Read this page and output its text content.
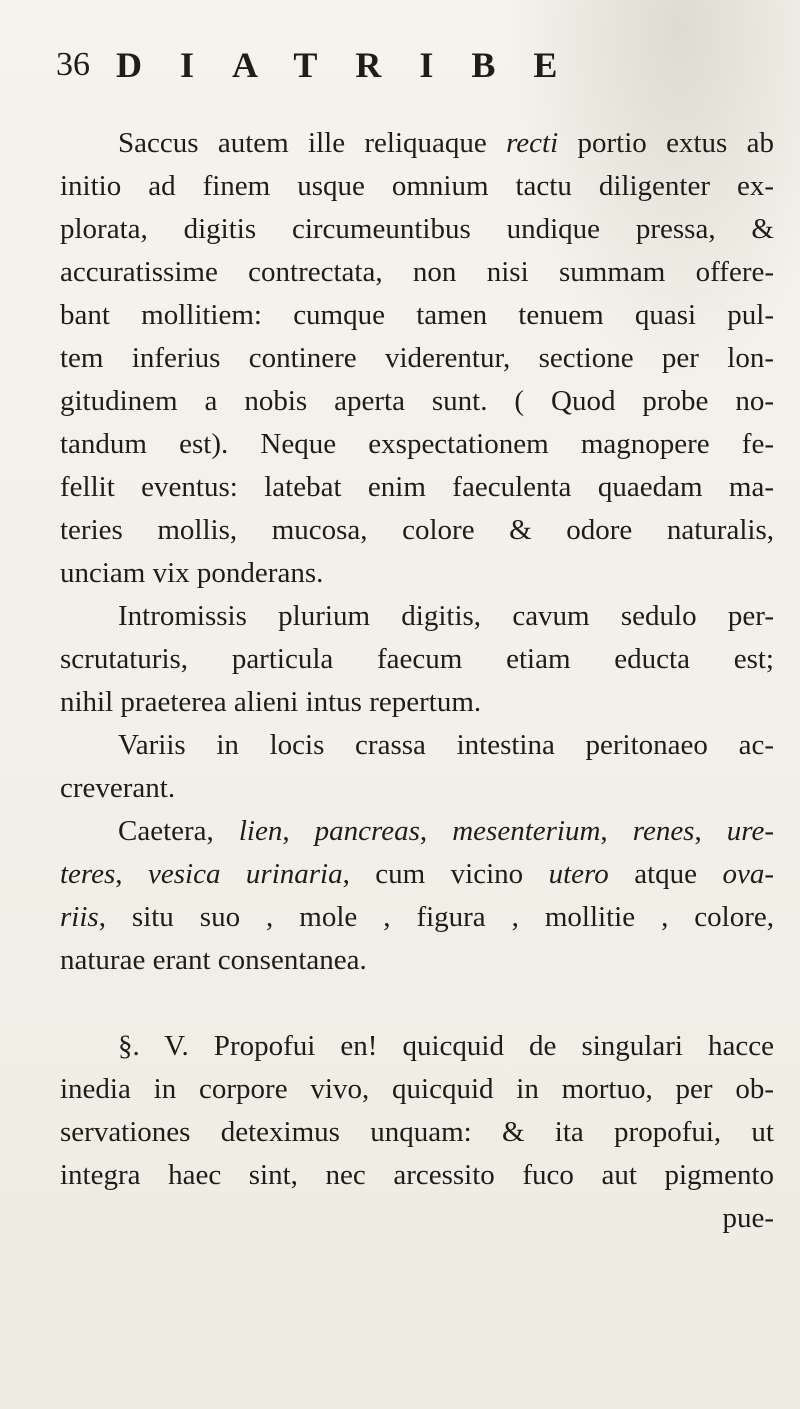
36 DIATRIBE
Saccus autem ille reliquaque recti portio extus ab
initio ad finem usque omnium tactu diligenter ex-
plorata, digitis circumeuntibus undique pressa, &
accuratissime contrectata, non nisi summam offere-
bant mollitiem: cumque tamen tenuem quasi pul-
tem inferius continere viderentur, sectione per lon-
gitudinem a nobis aperta sunt. ( Quod probe no-
tandum est). Neque exspectationem magnopere fe-
fellit eventus: latebat enim faeculenta quaedam ma-
teries mollis, mucosa, colore & odore naturalis,
unciam vix ponderans.
Intromissis plurium digitis, cavum sedulo per-
scrutaturis, particula faecum etiam educta est;
nihil praeterea alieni intus repertum.
Variis in locis crassa intestina peritonaeo ac-
creverant.
Caetera, lien, pancreas, mesenterium, renes, ure-
teres, vesica urinaria, cum vicino utero atque ova-
riis, situ suo , mole , figura , mollitie , colore,
naturae erant consentanea.
§. V. Propofui en! quicquid de singulari hacce
inedia in corpore vivo, quicquid in mortuo, per ob-
servationes deteximus unquam: & ita propofui, ut
integra haec sint, nec arcessito fuco aut pigmento
pue-
